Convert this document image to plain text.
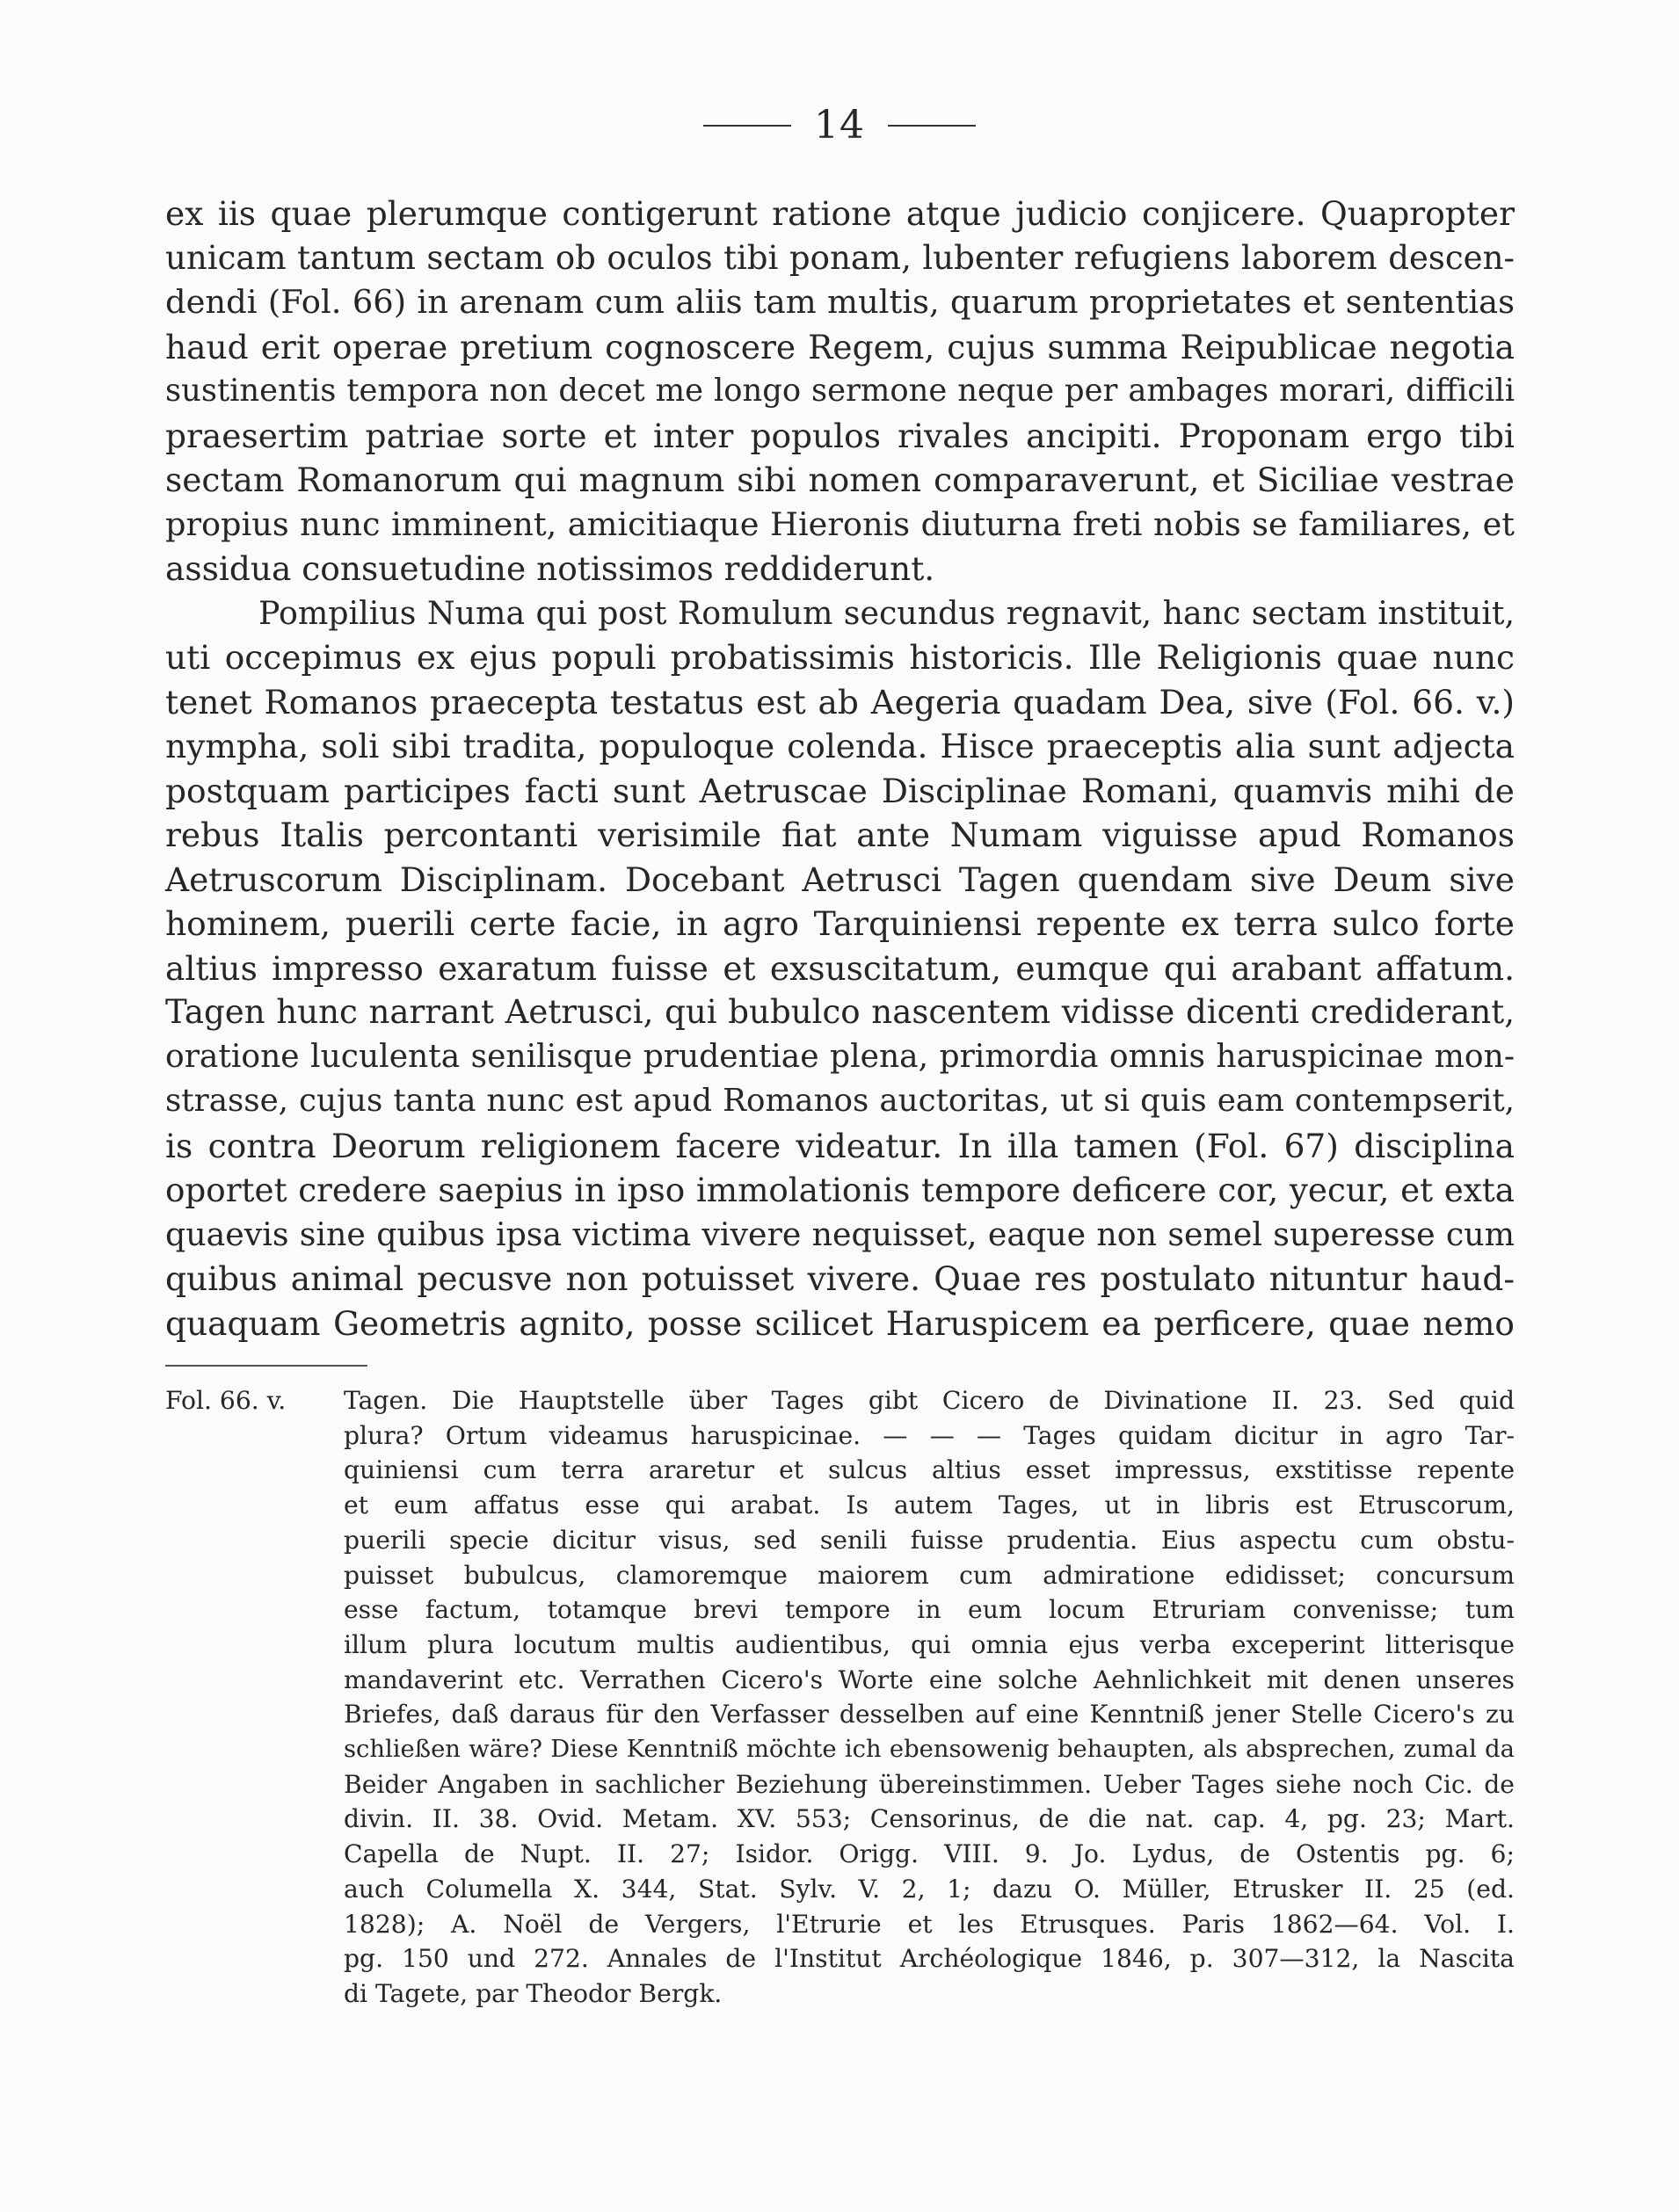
14
ex iis quae plerumque contigerunt ratione atque judicio conjicere. Quapropter
unicam tantum sectam ob oculos tibi ponam, lubenter refugiens laborem descen-
dendi (Fol. 66) in arenam cum aliis tam multis, quarum proprietates et sententias
haud erit operae pretium cognoscere Regem, cujus summa Reipublicae negotia
sustinentis tempora non decet me longo sermone neque per ambages morari, difficili
praesertim patriae sorte et inter populos rivales ancipiti. Proponam ergo tibi
sectam Romanorum qui magnum sibi nomen comparaverunt, et Siciliae vestrae
propius nunc imminent, amicitiaque Hieronis diuturna freti nobis se familiares, et
assidua consuetudine notissimos reddiderunt.
Pompilius Numa qui post Romulum secundus regnavit, hanc sectam instituit,
uti occepimus ex ejus populi probatissimis historicis. Ille Religionis quae nunc
tenet Romanos praecepta testatus est ab Aegeria quadam Dea, sive (Fol. 66. v.)
nympha, soli sibi tradita, populoque colenda. Hisce praeceptis alia sunt adjecta
postquam participes facti sunt Aetruscae Disciplinae Romani, quamvis mihi de
rebus Italis percontanti verisimile fiat ante Numam viguisse apud Romanos
Aetruscorum Disciplinam. Docebant Aetrusci Tagen quendam sive Deum sive
hominem, puerili certe facie, in agro Tarquiniensi repente ex terra sulco forte
altius impresso exaratum fuisse et exsuscitatum, eumque qui arabant affatum.
Tagen hunc narrant Aetrusci, qui bubulco nascentem vidisse dicenti crediderant,
oratione luculenta senilisque prudentiae plena, primordia omnis haruspicinae mon-
strasse, cujus tanta nunc est apud Romanos auctoritas, ut si quis eam contempserit,
is contra Deorum religionem facere videatur. In illa tamen (Fol. 67) disciplina
oportet credere saepius in ipso immolationis tempore deficere cor, yecur, et exta
quaevis sine quibus ipsa victima vivere nequisset, eaque non semel superesse cum
quibus animal pecusve non potuisset vivere. Quae res postulato nituntur haud-
quaquam Geometris agnito, posse scilicet Haruspicem ea perficere, quae nemo
Fol. 66. v. Tagen. Die Hauptstelle über Tages gibt Cicero de Divinatione II. 23. Sed quid
plura? Ortum videamus haruspicinae. — — — Tages quidam dicitur in agro Tar-
quiniensi cum terra araretur et sulcus altius esset impressus, exstitisse repente
et eum affatus esse qui arabat. Is autem Tages, ut in libris est Etruscorum,
puerili specie dicitur visus, sed senili fuisse prudentia. Eius aspectu cum obstu-
puisset bubulcus, clamoremque maiorem cum admiratione edidisset; concursum
esse factum, totamque brevi tempore in eum locum Etruriam convenisse; tum
illum plura locutum multis audientibus, qui omnia ejus verba exceperint litterisque
mandaverint etc. Verrathen Cicero's Worte eine solche Aehnlichkeit mit denen unseres
Briefes, daß daraus für den Verfasser desselben auf eine Kenntniß jener Stelle Cicero's zu
schließen wäre? Diese Kenntniß möchte ich ebensowenig behaupten, als absprechen, zumal da
Beider Angaben in sachlicher Beziehung übereinstimmen. Ueber Tages siehe noch Cic. de
divin. II. 38. Ovid. Metam. XV. 553; Censorinus, de die nat. cap. 4, pg. 23; Mart.
Capella de Nupt. II. 27; Isidor. Origg. VIII. 9. Jo. Lydus, de Ostentis pg. 6;
auch Columella X. 344, Stat. Sylv. V. 2, 1; dazu O. Müller, Etrusker II. 25 (ed.
1828); A. Noël de Vergers, l'Etrurie et les Etrusques. Paris 1862—64. Vol. I.
pg. 150 und 272. Annales de l'Institut Archéologique 1846, p. 307—312, la Nascita
di Tagete, par Theodor Bergk.
